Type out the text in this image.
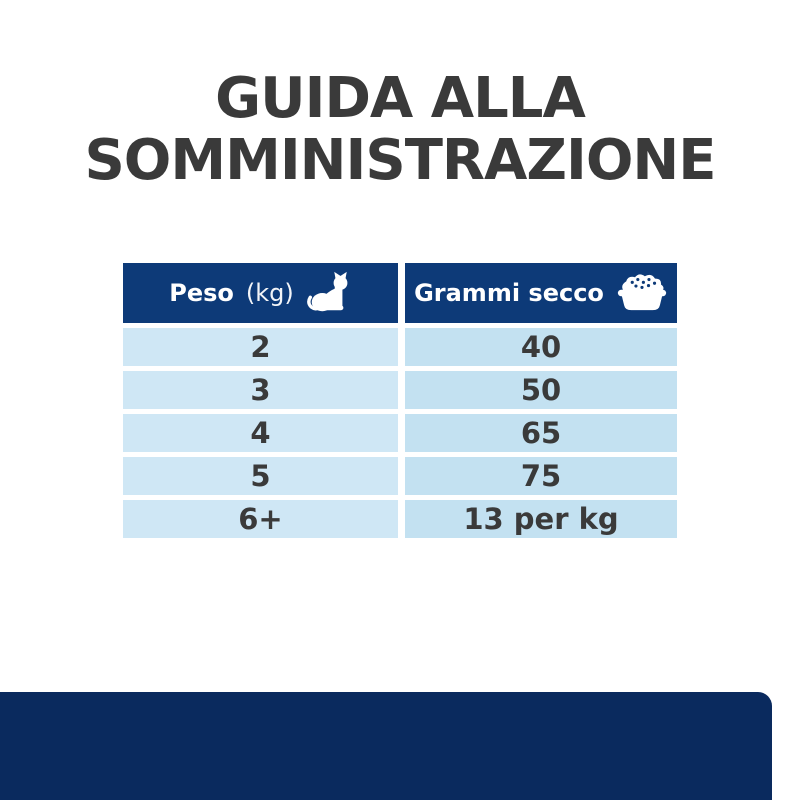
GUIDA ALLA
SOMMINISTRAZIONE
Peso (kg)	Grammi secco
2	40
3	50
4	65
5	75
6+	13 per kg
